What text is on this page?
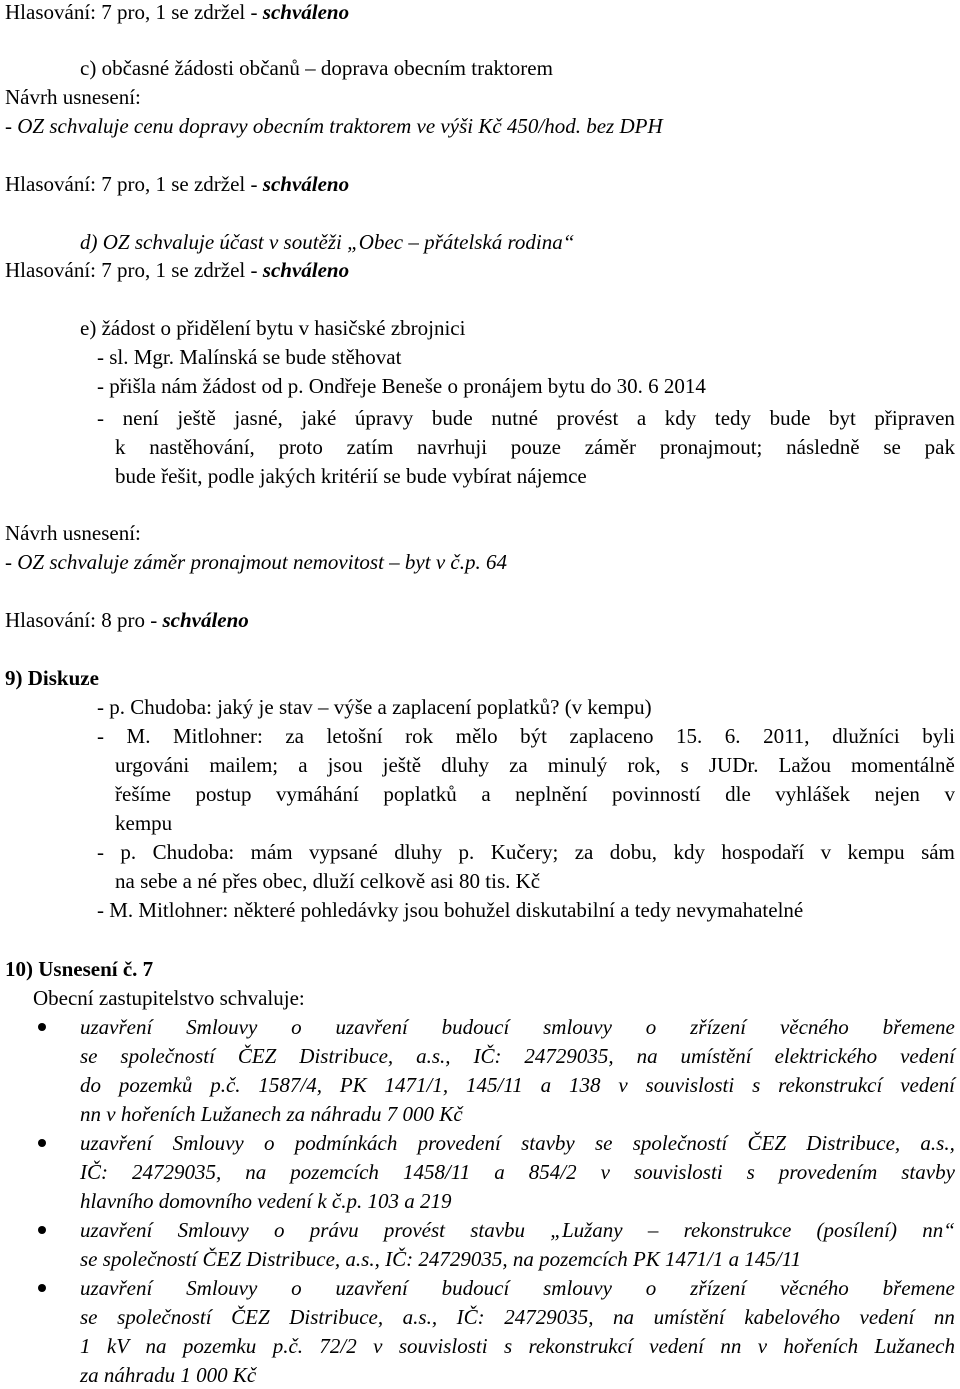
Hlasování: 7 pro, 1 se zdržel - schváleno
c) občasné žádosti občanů – doprava obecním traktorem
Návrh usnesení:
- OZ schvaluje cenu dopravy obecním traktorem ve výši Kč 450/hod. bez DPH
Hlasování: 7 pro, 1 se zdržel - schváleno
d) OZ schvaluje účast v soutěži „Obec – přátelská rodina“
Hlasování: 7 pro, 1 se zdržel - schváleno
e) žádost o přidělení bytu v hasičské zbrojnici
- sl. Mgr. Malínská se bude stěhovat
- přišla nám žádost od p. Ondřeje Beneše o pronájem bytu do 30. 6 2014
- není ještě jasné, jaké úpravy bude nutné provést a kdy tedy bude byt připraven
k nastěhování, proto zatím navrhuji pouze záměr pronajmout; následně se pak
bude řešit, podle jakých kritérií se bude vybírat nájemce
Návrh usnesení:
- OZ schvaluje záměr pronajmout nemovitost – byt v č.p. 64
Hlasování: 8 pro - schváleno
9) Diskuze
- p. Chudoba: jaký je stav – výše a zaplacení poplatků? (v kempu)
- M. Mitlohner: za letošní rok mělo být zaplaceno 15. 6. 2011, dlužníci byli
urgováni mailem; a jsou ještě dluhy za minulý rok, s JUDr. Lažou momentálně
řešíme postup vymáhání poplatků a neplnění povinností dle vyhlášek nejen v
kempu
- p. Chudoba: mám vypsané dluhy p. Kučery; za dobu, kdy hospodaří v kempu sám
na sebe a né přes obec, dluží celkově asi 80 tis. Kč
- M. Mitlohner: některé pohledávky jsou bohužel diskutabilní a tedy nevymahatelné
10) Usnesení č. 7
Obecní zastupitelstvo schvaluje:
uzavření Smlouvy o uzavření budoucí smlouvy o zřízení věcného břemene
se společností ČEZ Distribuce, a.s., IČ: 24729035, na umístění elektrického vedení
do pozemků p.č. 1587/4, PK 1471/1, 145/11 a 138 v souvislosti s rekonstrukcí vedení
nn v hořeních Lužanech za náhradu 7 000 Kč
uzavření Smlouvy o podmínkách provedení stavby se společností ČEZ Distribuce, a.s.,
IČ: 24729035, na pozemcích 1458/11 a 854/2 v souvislosti s provedením stavby
hlavního domovního vedení k č.p. 103 a 219
uzavření Smlouvy o právu provést stavbu „Lužany – rekonstrukce (posílení) nn“
se společností ČEZ Distribuce, a.s., IČ: 24729035, na pozemcích PK 1471/1 a 145/11
uzavření Smlouvy o uzavření budoucí smlouvy o zřízení věcného břemene
se společností ČEZ Distribuce, a.s., IČ: 24729035, na umístění kabelového vedení nn
1 kV na pozemku p.č. 72/2 v souvislosti s rekonstrukcí vedení nn v hořeních Lužanech
za náhradu 1 000 Kč
